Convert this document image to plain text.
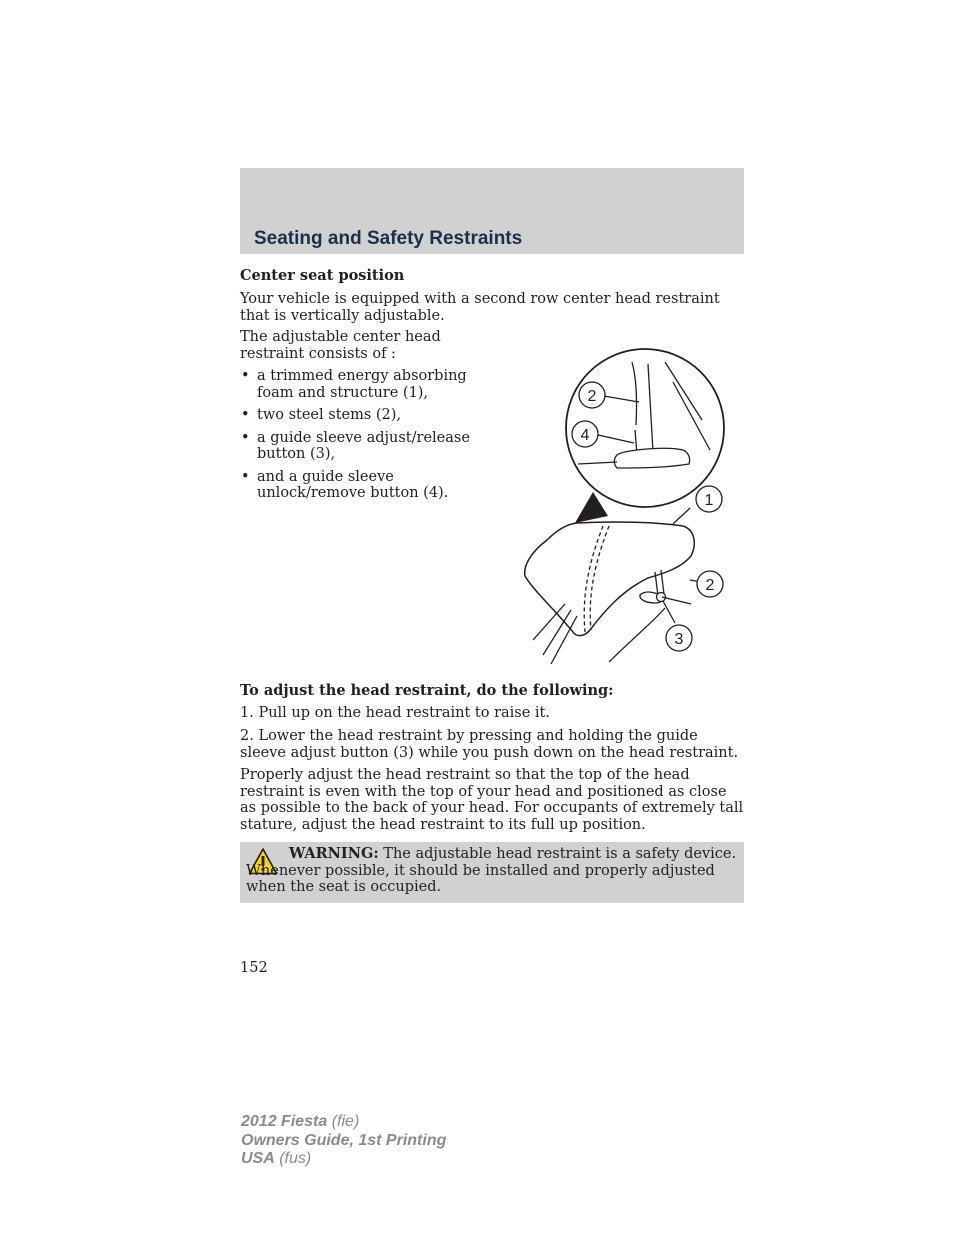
Seating and Safety Restraints

Center seat position

Your vehicle is equipped with a second row center head restraint that is vertically adjustable.

The adjustable center head restraint consists of :

• a trimmed energy absorbing foam and structure (1),
• two steel stems (2),
• a guide sleeve adjust/release button (3),
• and a guide sleeve unlock/remove button (4).
2
4
1
2
3

To adjust the head restraint, do the following:

1. Pull up on the head restraint to raise it.

2. Lower the head restraint by pressing and holding the guide sleeve adjust button (3) while you push down on the head restraint.

Properly adjust the head restraint so that the top of the head restraint is even with the top of your head and positioned as close as possible to the back of your head. For occupants of extremely tall stature, adjust the head restraint to its full up position.

WARNING: The adjustable head restraint is a safety device. Whenever possible, it should be installed and properly adjusted when the seat is occupied.

152

2012 Fiesta (fie)
Owners Guide, 1st Printing
USA (fus)
